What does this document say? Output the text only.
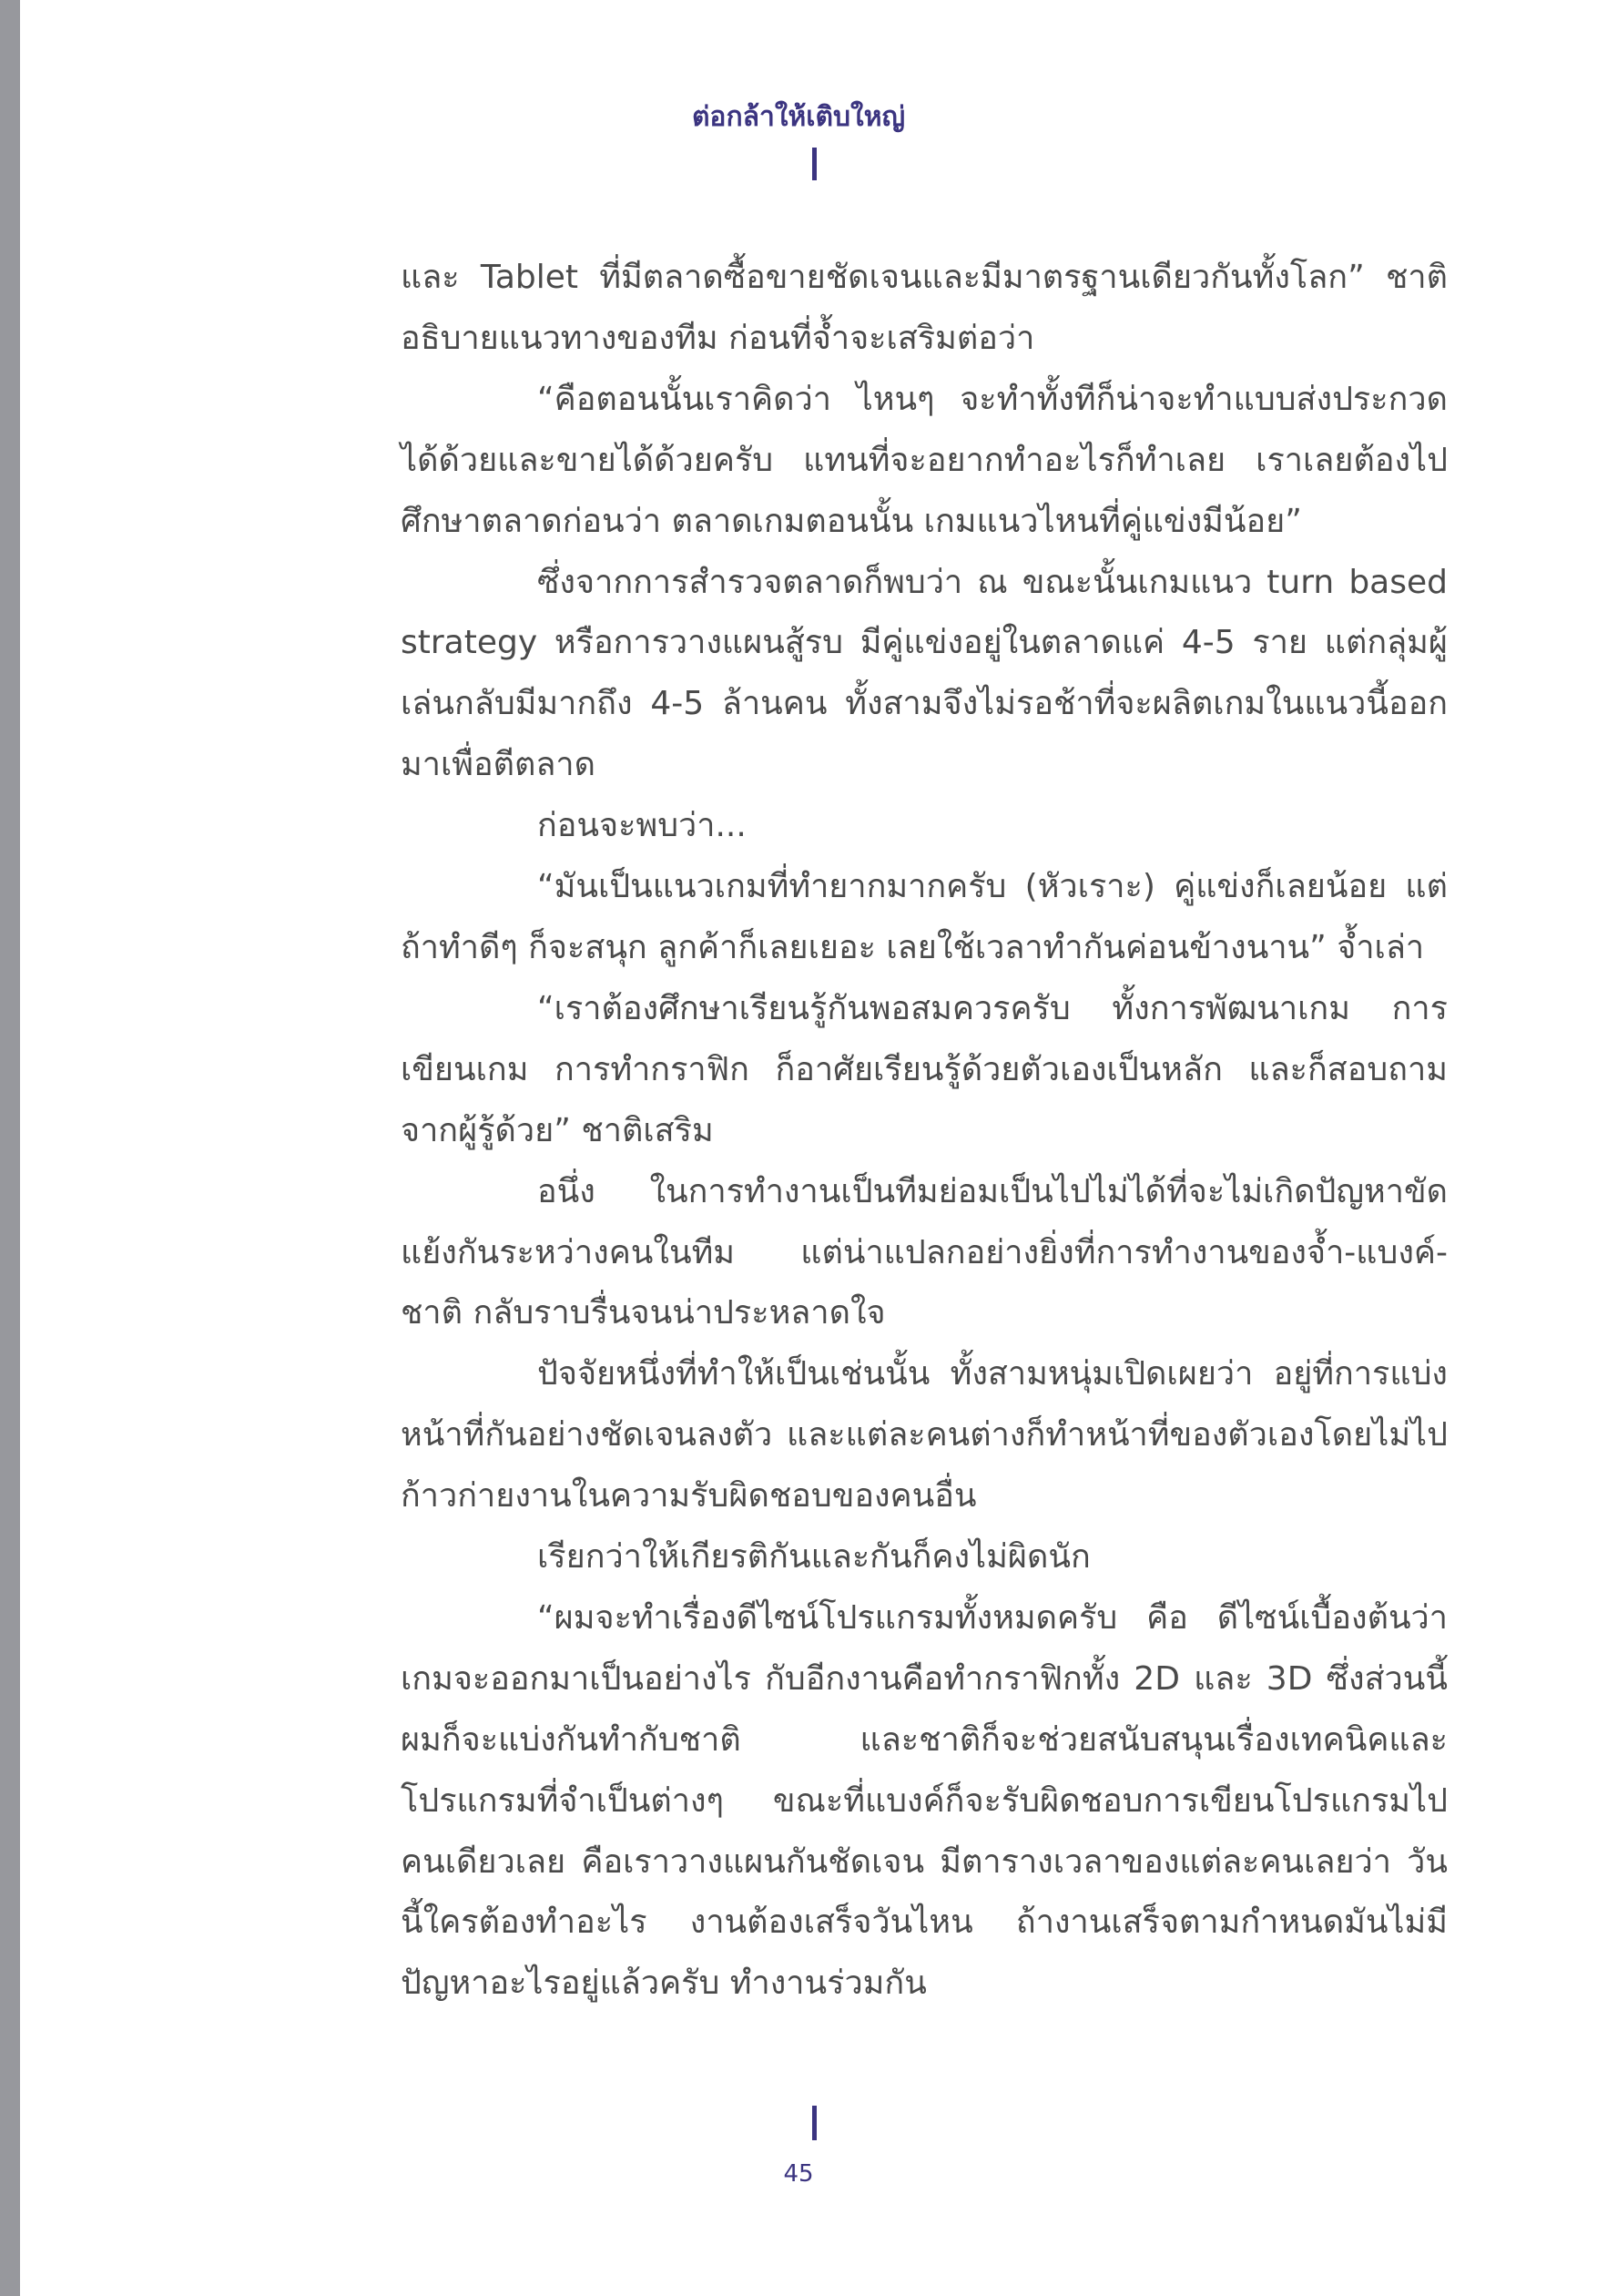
ต่อกล้าให้เติบใหญ่

และ Tablet ที่มีตลาดซื้อขายชัดเจนและมีมาตรฐานเดียวกันทั้งโลก” ชาติอธิบายแนวทางของทีม ก่อนที่จ้ำจะเสริมต่อว่า

“คือตอนนั้นเราคิดว่า ไหนๆ จะทำทั้งทีก็น่าจะทำแบบส่งประกวดได้ด้วยและขายได้ด้วยครับ แทนที่จะอยากทำอะไรก็ทำเลย เราเลยต้องไปศึกษาตลาดก่อนว่า ตลาดเกมตอนนั้น เกมแนวไหนที่คู่แข่งมีน้อย”

ซึ่งจากการสำรวจตลาดก็พบว่า ณ ขณะนั้นเกมแนว turn based strategy หรือการวางแผนสู้รบ มีคู่แข่งอยู่ในตลาดแค่ 4-5 ราย แต่กลุ่มผู้เล่นกลับมีมากถึง 4-5 ล้านคน ทั้งสามจึงไม่รอช้าที่จะผลิตเกมในแนวนี้ออกมาเพื่อตีตลาด

ก่อนจะพบว่า...

“มันเป็นแนวเกมที่ทำยากมากครับ (หัวเราะ) คู่แข่งก็เลยน้อย แต่ถ้าทำดีๆ ก็จะสนุก ลูกค้าก็เลยเยอะ เลยใช้เวลาทำกันค่อนข้างนาน” จ้ำเล่า

“เราต้องศึกษาเรียนรู้กันพอสมควรครับ ทั้งการพัฒนาเกม การเขียนเกม การทำกราฟิก ก็อาศัยเรียนรู้ด้วยตัวเองเป็นหลัก และก็สอบถามจากผู้รู้ด้วย” ชาติเสริม

อนึ่ง ในการทำงานเป็นทีมย่อมเป็นไปไม่ได้ที่จะไม่เกิดปัญหาขัดแย้งกันระหว่างคนในทีม แต่น่าแปลกอย่างยิ่งที่การทำงานของจ้ำ-แบงค์-ชาติ กลับราบรื่นจนน่าประหลาดใจ

ปัจจัยหนึ่งที่ทำให้เป็นเช่นนั้น ทั้งสามหนุ่มเปิดเผยว่า อยู่ที่การแบ่งหน้าที่กันอย่างชัดเจนลงตัว และแต่ละคนต่างก็ทำหน้าที่ของตัวเองโดยไม่ไปก้าวก่ายงานในความรับผิดชอบของคนอื่น

เรียกว่าให้เกียรติกันและกันก็คงไม่ผิดนัก

“ผมจะทำเรื่องดีไซน์โปรแกรมทั้งหมดครับ คือ ดีไซน์เบื้องต้นว่าเกมจะออกมาเป็นอย่างไร กับอีกงานคือทำกราฟิกทั้ง 2D และ 3D ซึ่งส่วนนี้ผมก็จะแบ่งกันทำกับชาติ และชาติก็จะช่วยสนับสนุนเรื่องเทคนิคและโปรแกรมที่จำเป็นต่างๆ ขณะที่แบงค์ก็จะรับผิดชอบการเขียนโปรแกรมไปคนเดียวเลย คือเราวางแผนกันชัดเจน มีตารางเวลาของแต่ละคนเลยว่า วันนี้ใครต้องทำอะไร งานต้องเสร็จวันไหน ถ้างานเสร็จตามกำหนดมันไม่มีปัญหาอะไรอยู่แล้วครับ ทำงานร่วมกัน

45
